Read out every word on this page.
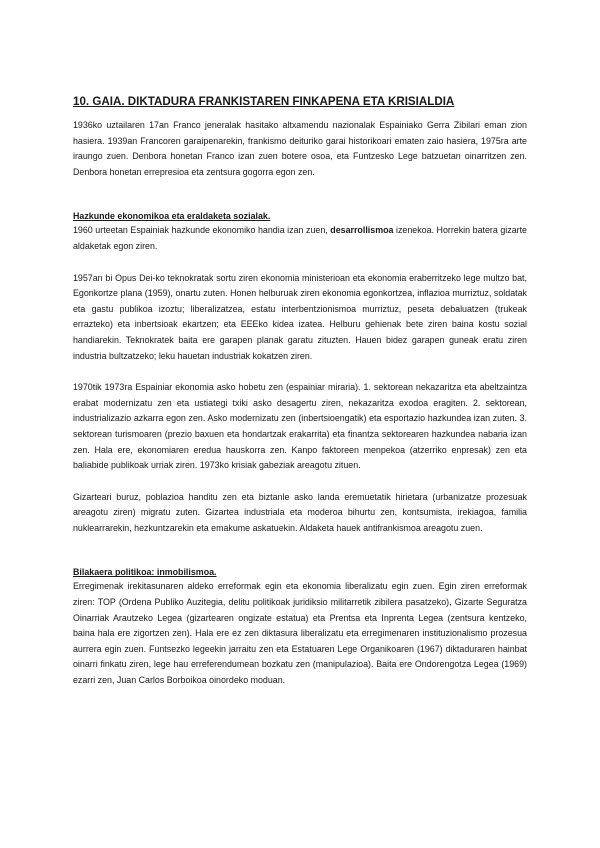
10. GAIA. DIKTADURA FRANKISTAREN FINKAPENA ETA KRISIALDIA

1936ko uztailaren 17an Franco jeneralak hasitako altxamendu nazionalak Espainiako Gerra Zibilari eman zion hasiera. 1939an Francoren garaipenarekin, frankismo deituriko garai historikoari ematen zaio hasiera, 1975ra arte iraungo zuen. Denbora honetan Franco izan zuen botere osoa, eta Funtzesko Lege batzuetan oinarritzen zen. Denbora honetan errepresioa eta zentsura gogorra egon zen.

Hazkunde ekonomikoa eta eraldaketa sozialak.

1960 urteetan Espainiak hazkunde ekonomiko handia izan zuen, desarrollismoa izenekoa. Horrekin batera gizarte aldaketak egon ziren.

1957an bi Opus Dei-ko teknokratak sortu ziren ekonomia ministerioan eta ekonomia eraberritzeko lege multzo bat, Egonkortze plana (1959), onartu zuten. Honen helburuak ziren ekonomia egonkortzea, inflazioa murriztuz, soldatak eta gastu publikoa izoztu; liberalizatzea, estatu interbentzionismoa murriztuz, peseta debaluatzen (trukeak errazteko) eta inbertsioak ekartzen; eta EEEko kidea izatea. Helburu gehienak bete ziren baina kostu sozial handiarekin. Teknokratek baita ere garapen planak garatu zituzten. Hauen bidez garapen guneak eratu ziren industria bultzatzeko; leku hauetan industriak kokatzen ziren.

1970tik 1973ra Espainiar ekonomia asko hobetu zen (espainiar miraria). 1. sektorean nekazaritza eta abeltzaintza erabat modernizatu zen eta ustiategi txiki asko desagertu ziren, nekazaritza exodoa eragiten. 2. sektorean, industrializazio azkarra egon zen. Asko modernizatu zen (inbertsioengatik) eta esportazio hazkundea izan zuten. 3. sektorean turismoaren (prezio baxuen eta hondartzak erakarrita) eta finantza sektorearen hazkundea nabaria izan zen. Hala ere, ekonomiaren eredua hauskorra zen. Kanpo faktoreen menpekoa (atzerriko enpresak) zen eta baliabide publikoak urriak ziren. 1973ko krisiak gabeziak areagotu zituen.

Gizarteari buruz, poblazioa handitu zen eta biztanle asko landa eremuetatik hirietara (urbanizatze prozesuak areagotu ziren) migratu zuten. Gizartea industriala eta moderoa bihurtu zen, kontsumista, irekiagoa, familia nuklearrarekin, hezkuntzarekin eta emakume askatuekin. Aldaketa hauek antifrankismoa areagotu zuen.

Bilakaera politikoa: inmobilismoa.

Erregimenak irekitasunaren aldeko erreformak egin eta ekonomia liberalizatu egin zuen. Egin ziren erreformak ziren: TOP (Ordena Publiko Auzitegia, delitu politikoak juridiksio militarretik zibilera pasatzeko), Gizarte Seguratza Oinarriak Arautzeko Legea (gizartearen ongizate estatua) eta Prentsa eta Inprenta Legea (zentsura kentzeko, baina hala ere zigortzen zen). Hala ere ez zen diktasura liberalizatu eta erregimenaren instituzionalismo prozesua aurrera egin zuen. Funtsezko legeekin jarraitu zen eta Estatuaren Lege Organikoaren (1967) diktaduraren hainbat oinarri finkatu ziren, lege hau erreferendumean bozkatu zen (manipulazioa). Baita ere Ondorengotza Legea (1969) ezarri zen, Juan Carlos Borboikoa oinordeko moduan.
